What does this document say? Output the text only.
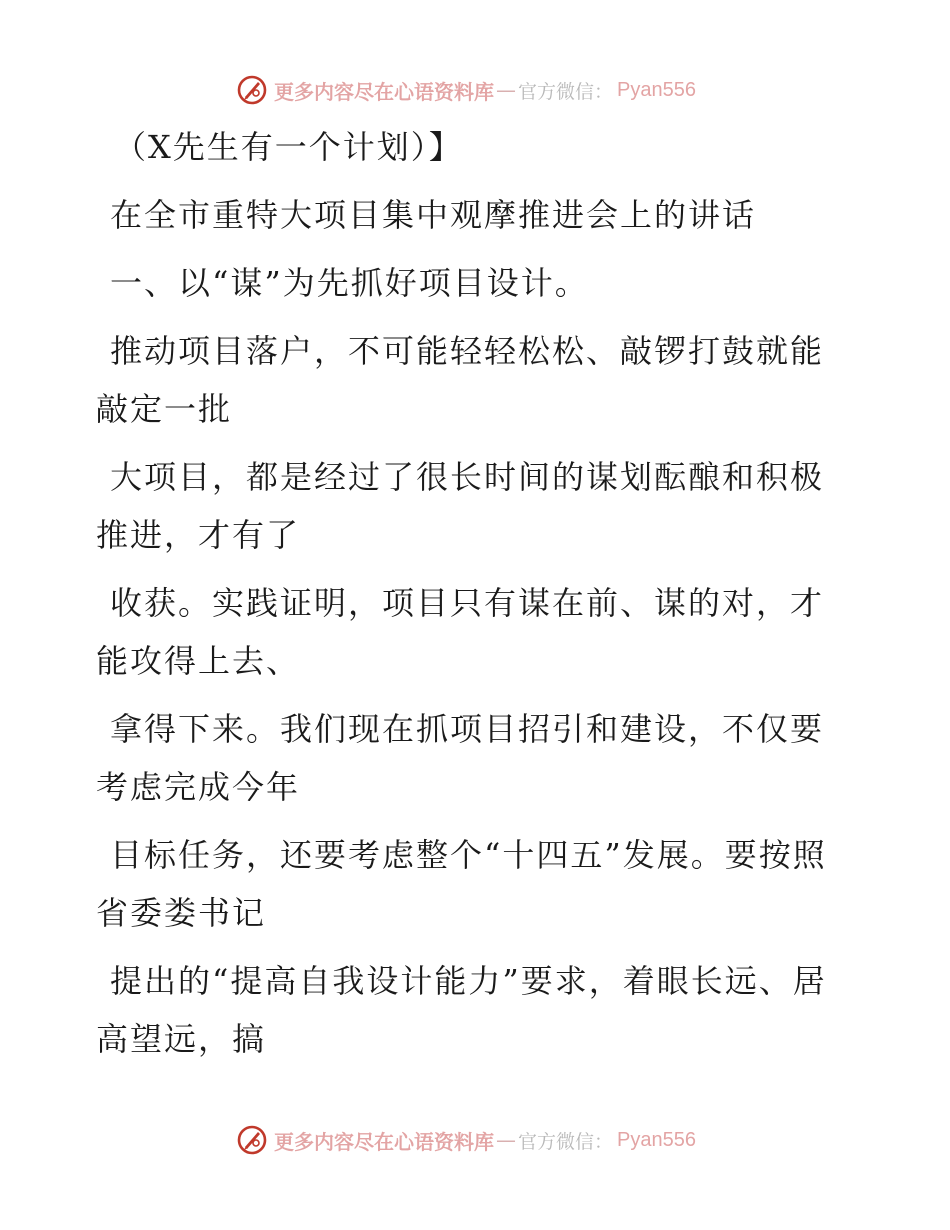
更多内容尽在心语资料库 — 官方微信： Pyan556

（X先生有一个计划）】

在全市重特大项目集中观摩推进会上的讲话

一、以“谋”为先抓好项目设计。

推动项目落户，不可能轻轻松松、敲锣打鼓就能敲定一批

大项目，都是经过了很长时间的谋划酝酿和积极推进，才有了

收获。实践证明，项目只有谋在前、谋的对，才能攻得上去、

拿得下来。我们现在抓项目招引和建设，不仅要考虑完成今年

目标任务，还要考虑整个“十四五”发展。要按照省委娄书记

提出的“提高自我设计能力”要求，着眼长远、居高望远，搞

更多内容尽在心语资料库 — 官方微信： Pyan556
